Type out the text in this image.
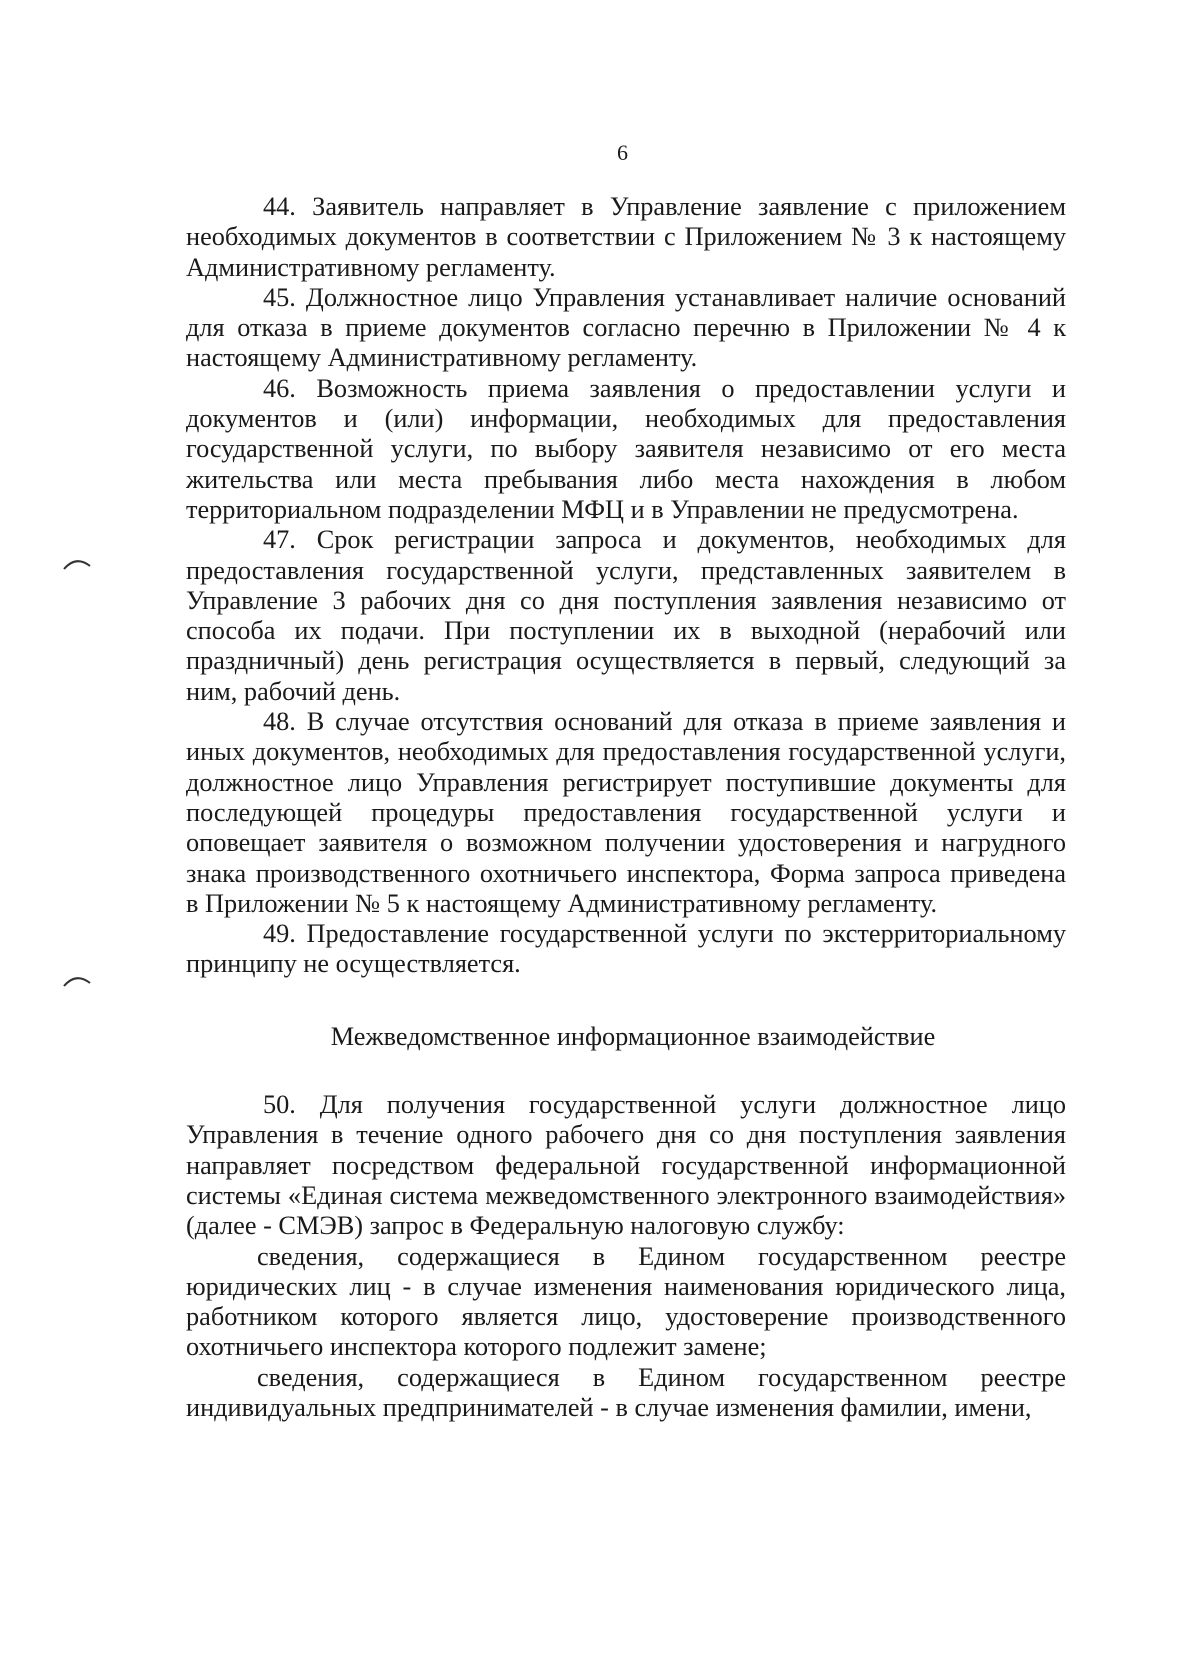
6

44. Заявитель направляет в Управление заявление с приложением необходимых документов в соответствии с Приложением № 3 к настоящему Административному регламенту.

45. Должностное лицо Управления устанавливает наличие оснований для отказа в приеме документов согласно перечню в Приложении № 4 к настоящему Административному регламенту.

46. Возможность приема заявления о предоставлении услуги и документов и (или) информации, необходимых для предоставления государственной услуги, по выбору заявителя независимо от его места жительства или места пребывания либо места нахождения в любом территориальном подразделении МФЦ и в Управлении не предусмотрена.

47. Срок регистрации запроса и документов, необходимых для предоставления государственной услуги, представленных заявителем в Управление 3 рабочих дня со дня поступления заявления независимо от способа их подачи. При поступлении их в выходной (нерабочий или праздничный) день регистрация осуществляется в первый, следующий за ним, рабочий день.

48. В случае отсутствия оснований для отказа в приеме заявления и иных документов, необходимых для предоставления государственной услуги, должностное лицо Управления регистрирует поступившие документы для последующей процедуры предоставления государственной услуги и оповещает заявителя о возможном получении удостоверения и нагрудного знака производственного охотничьего инспектора, Форма запроса приведена в Приложении № 5 к настоящему Административному регламенту.

49. Предоставление государственной услуги по экстерриториальному принципу не осуществляется.

Межведомственное информационное взаимодействие

50. Для получения государственной услуги должностное лицо Управления в течение одного рабочего дня со дня поступления заявления направляет посредством федеральной государственной информационной системы «Единая система межведомственного электронного взаимодействия» (далее - СМЭВ) запрос в Федеральную налоговую службу:

сведения, содержащиеся в Едином государственном реестре юридических лиц - в случае изменения наименования юридического лица, работником которого является лицо, удостоверение производственного охотничьего инспектора которого подлежит замене;

сведения, содержащиеся в Едином государственном реестре индивидуальных предпринимателей - в случае изменения фамилии, имени,
